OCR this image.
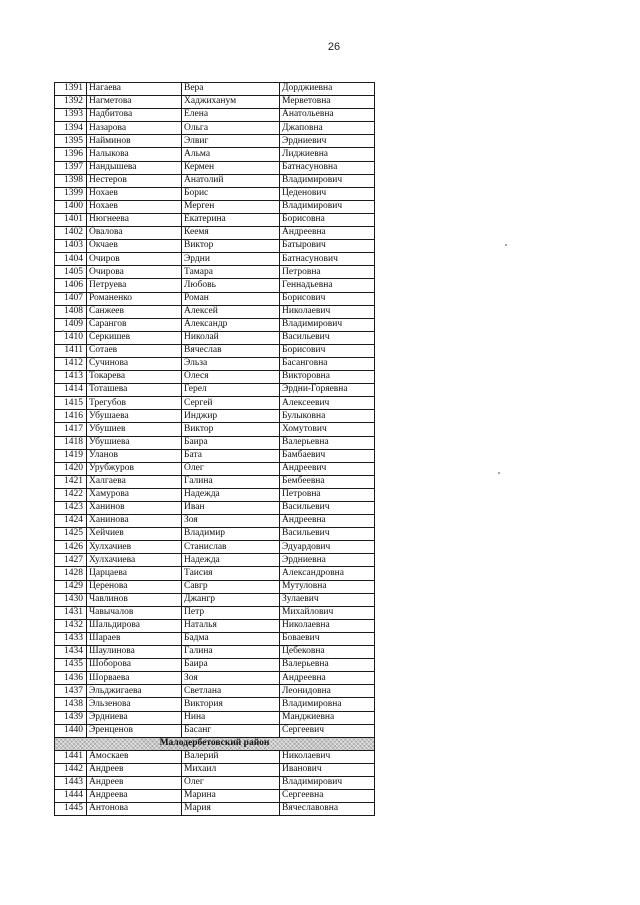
26
1391	Нагаева	Вера	Дорджиевна
1392	Нагметова	Хаджиханум	Мерветовна
1393	Надбитова	Елена	Анатольевна
1394	Назарова	Ольга	Джаповна
1395	Найминов	Элвиг	Эрдниевич
1396	Налыкова	Альма	Лиджиевна
1397	Нандышева	Кермен	Батнасуновна
1398	Нестеров	Анатолий	Владимирович
1399	Нохаев	Борис	Цеденович
1400	Нохаев	Мерген	Владимирович
1401	Нюгнеева	Екатерина	Борисовна
1402	Овалова	Кеемя	Андреевна
1403	Окчаев	Виктор	Батырович
1404	Очиров	Эрдни	Батнасунович
1405	Очирова	Тамара	Петровна
1406	Петруева	Любовь	Геннадьевна
1407	Романенко	Роман	Борисович
1408	Санжеев	Алексей	Николаевич
1409	Сарангов	Александр	Владимирович
1410	Серкишев	Николай	Васильевич
1411	Сотаев	Вячеслав	Борисович
1412	Сучинова	Эльза	Басанговна
1413	Токарева	Олеся	Викторовна
1414	Тоташева	Герел	Эрдни-Горяевна
1415	Трегубов	Сергей	Алексеевич
1416	Убушаева	Инджир	Булыковна
1417	Убушиев	Виктор	Хомутович
1418	Убушиева	Баира	Валерьевна
1419	Уланов	Бата	Бамбаевич
1420	Урубжуров	Олег	Андреевич
1421	Халгаева	Галина	Бембеевна
1422	Хамурова	Надежда	Петровна
1423	Ханинов	Иван	Васильевич
1424	Ханинова	Зоя	Андреевна
1425	Хейчиев	Владимир	Васильевич
1426	Хулхачиев	Станислав	Эдуардович
1427	Хулхачиева	Надежда	Эрдниевна
1428	Царцаева	Таисия	Александровна
1429	Церенова	Савгр	Мутуловна
1430	Чавлинов	Джангр	Зулаевич
1431	Чавычалов	Петр	Михайлович
1432	Шальдирова	Наталья	Николаевна
1433	Шараев	Бадма	Бовaевич
1434	Шаулинова	Галина	Цебековна
1435	Шоборова	Баира	Валерьевна
1436	Шорваева	Зоя	Андреевна
1437	Эльджигаева	Светлана	Леонидовна
1438	Эльзенова	Виктория	Владимировна
1439	Эрдниева	Нина	Манджиевна
1440	Эренценов	Басанг	Сергеевич
Малодербетовский район			
1441	Амоскаев	Валерий	Николаевич
1442	Андреев	Михаил	Иванович
1443	Андреев	Олег	Владимирович
1444	Андреева	Марина	Сергеевна
1445	Антонова	Мария	Вячеславовна
